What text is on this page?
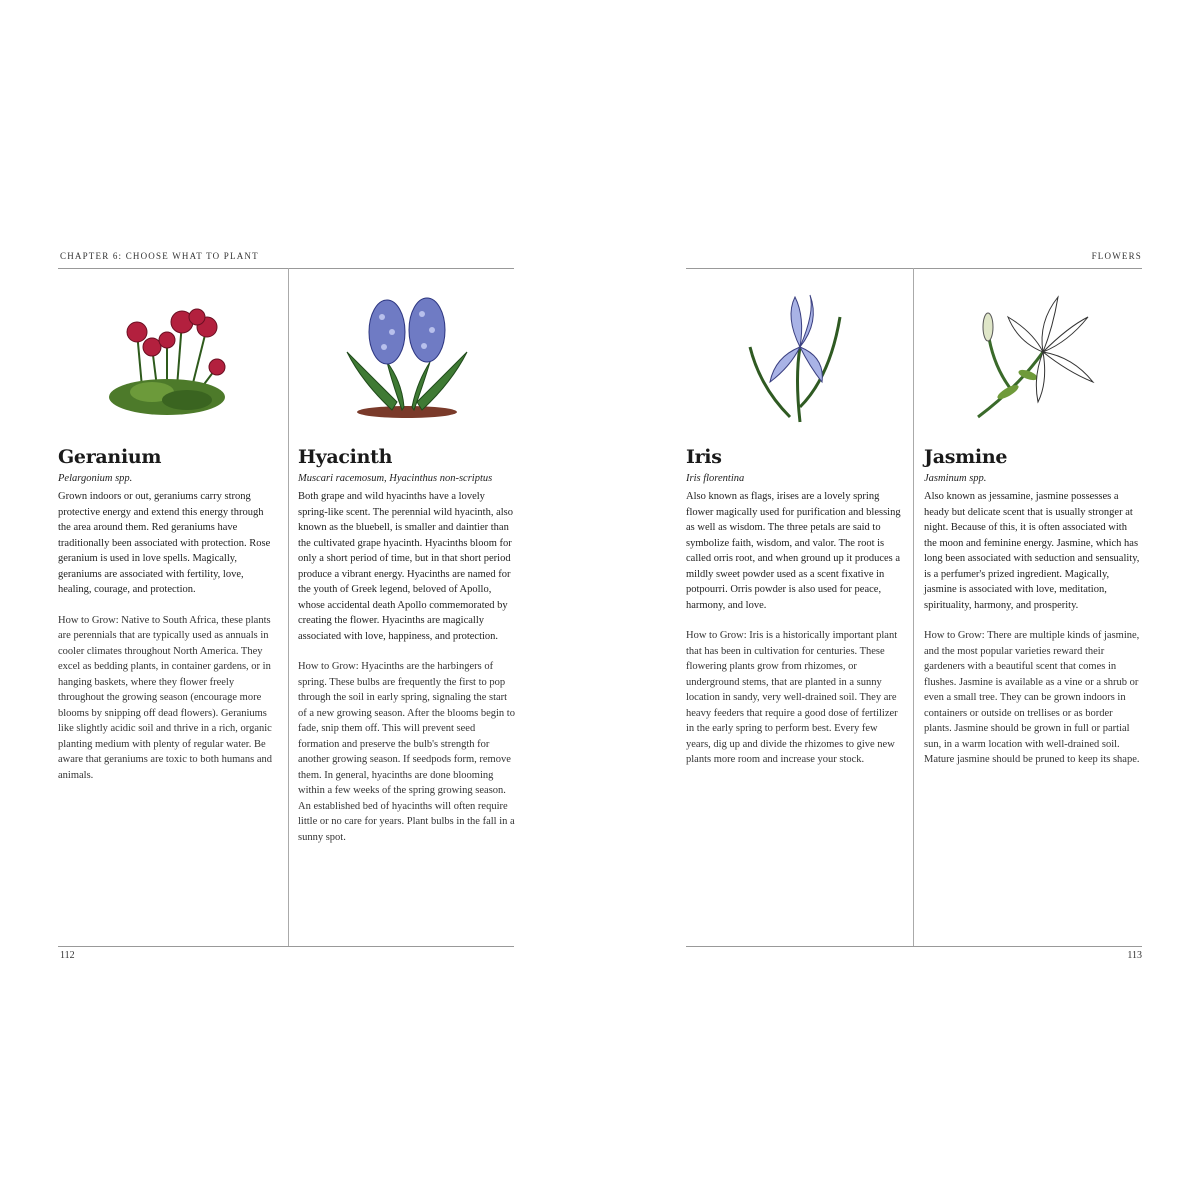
CHAPTER 6: CHOOSE WHAT TO PLANT
112
Geranium
Pelargonium spp.
Grown indoors or out, geraniums carry strong protective energy and extend this energy through the area around them. Red geraniums have traditionally been associated with protection. Rose geranium is used in love spells. Magically, geraniums are associated with fertility, love, healing, courage, and protection.
How to Grow: Native to South Africa, these plants are perennials that are typically used as annuals in cooler climates throughout North America. They excel as bedding plants, in container gardens, or in hanging baskets, where they flower freely throughout the growing season (encourage more blooms by snipping off dead flowers). Geraniums like slightly acidic soil and thrive in a rich, organic planting medium with plenty of regular water. Be aware that geraniums are toxic to both humans and animals.
Hyacinth
Muscari racemosum, Hyacinthus non-scriptus
Both grape and wild hyacinths have a lovely spring-like scent. The perennial wild hyacinth, also known as the bluebell, is smaller and daintier than the cultivated grape hyacinth. Hyacinths bloom for only a short period of time, but in that short period produce a vibrant energy. Hyacinths are named for the youth of Greek legend, beloved of Apollo, whose accidental death Apollo commemorated by creating the flower. Hyacinths are magically associated with love, happiness, and protection.
How to Grow: Hyacinths are the harbingers of spring. These bulbs are frequently the first to pop through the soil in early spring, signaling the start of a new growing season. After the blooms begin to fade, snip them off. This will prevent seed formation and preserve the bulb's strength for another growing season. If seedpods form, remove them. In general, hyacinths are done blooming within a few weeks of the spring growing season. An established bed of hyacinths will often require little or no care for years. Plant bulbs in the fall in a sunny spot.
FLOWERS
113
Iris
Iris florentina
Also known as flags, irises are a lovely spring flower magically used for purification and blessing as well as wisdom. The three petals are said to symbolize faith, wisdom, and valor. The root is called orris root, and when ground up it produces a mildly sweet powder used as a scent fixative in potpourri. Orris powder is also used for peace, harmony, and love.
How to Grow: Iris is a historically important plant that has been in cultivation for centuries. These flowering plants grow from rhizomes, or underground stems, that are planted in a sunny location in sandy, very well-drained soil. They are heavy feeders that require a good dose of fertilizer in the early spring to perform best. Every few years, dig up and divide the rhizomes to give new plants more room and increase your stock.
Jasmine
Jasminum spp.
Also known as jessamine, jasmine possesses a heady but delicate scent that is usually stronger at night. Because of this, it is often associated with the moon and feminine energy. Jasmine, which has long been associated with seduction and sensuality, is a perfumer's prized ingredient. Magically, jasmine is associated with love, meditation, spirituality, harmony, and prosperity.
How to Grow: There are multiple kinds of jasmine, and the most popular varieties reward their gardeners with a beautiful scent that comes in flushes. Jasmine is available as a vine or a shrub or even a small tree. They can be grown indoors in containers or outside on trellises or as border plants. Jasmine should be grown in full or partial sun, in a warm location with well-drained soil. Mature jasmine should be pruned to keep its shape.
